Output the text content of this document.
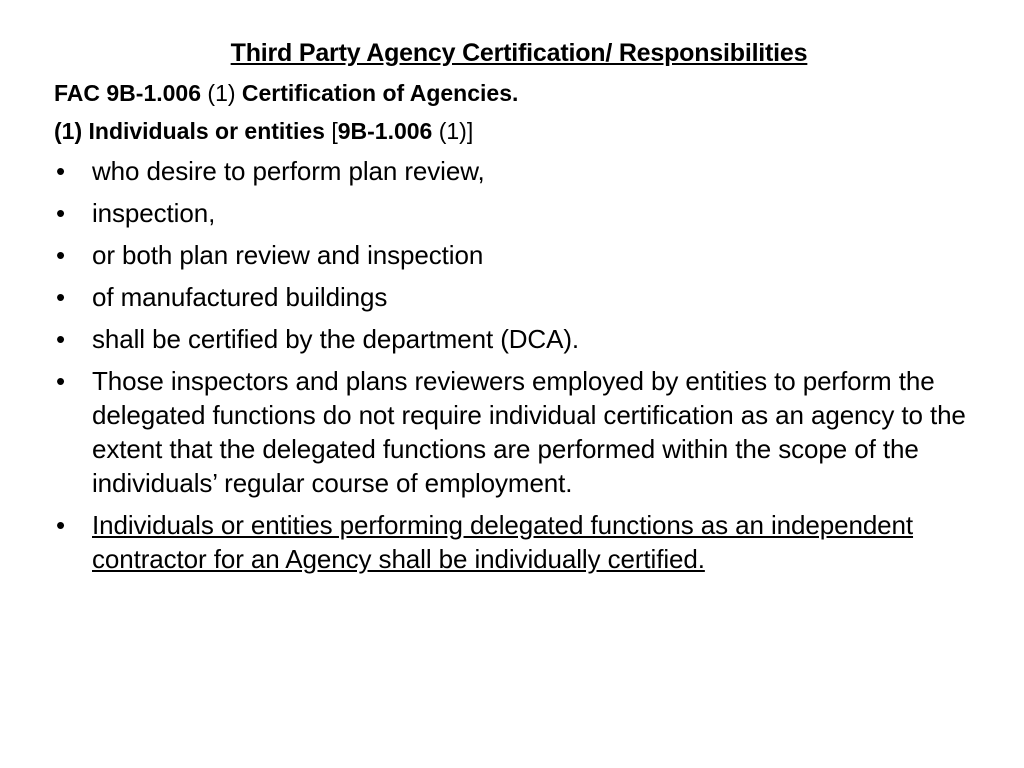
Third Party Agency Certification/ Responsibilities
FAC 9B-1.006 (1) Certification of Agencies.
(1) Individuals or entities [9B-1.006 (1)]
• who desire to perform plan review,
• inspection,
• or both plan review and inspection
• of manufactured buildings
• shall be certified by the department (DCA).
• Those inspectors and plans reviewers employed by entities to perform the delegated functions do not require individual certification as an agency to the extent that the delegated functions are performed within the scope of the individuals’ regular course of employment.
• Individuals or entities performing delegated functions as an independent contractor for an Agency shall be individually certified.
